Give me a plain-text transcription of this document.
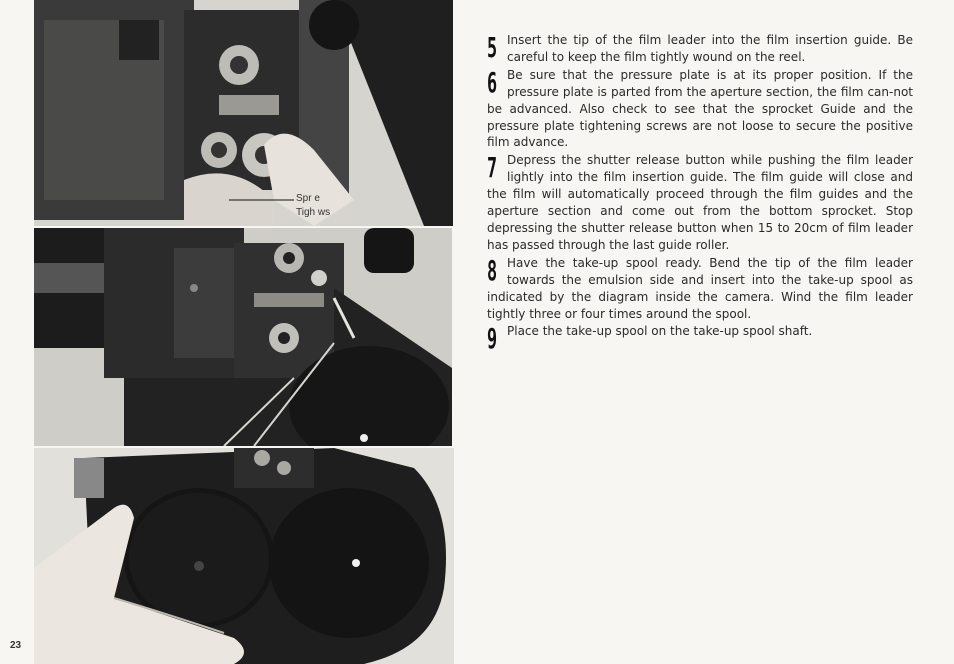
Spr e
Tigh ws
23
5 Insert the tip of the film leader into the film insertion guide. Be careful to keep the film tightly wound on the reel.
6 Be sure that the pressure plate is at its proper position. If the pressure plate is parted from the aperture section, the film can-not be advanced. Also check to see that the sprocket Guide and the pressure plate tightening screws are not loose to secure the positive film advance.
7 Depress the shutter release button while pushing the film leader lightly into the film insertion guide. The film guide will close and the film will automatically proceed through the film guides and the aperture section and come out from the bottom sprocket. Stop depressing the shutter release button when 15 to 20cm of film leader has passed through the last guide roller.
8 Have the take-up spool ready. Bend the tip of the film leader towards the emulsion side and insert into the take-up spool as indicated by the diagram inside the camera. Wind the film leader tightly three or four times around the spool.
9 Place the take-up spool on the take-up spool shaft.
